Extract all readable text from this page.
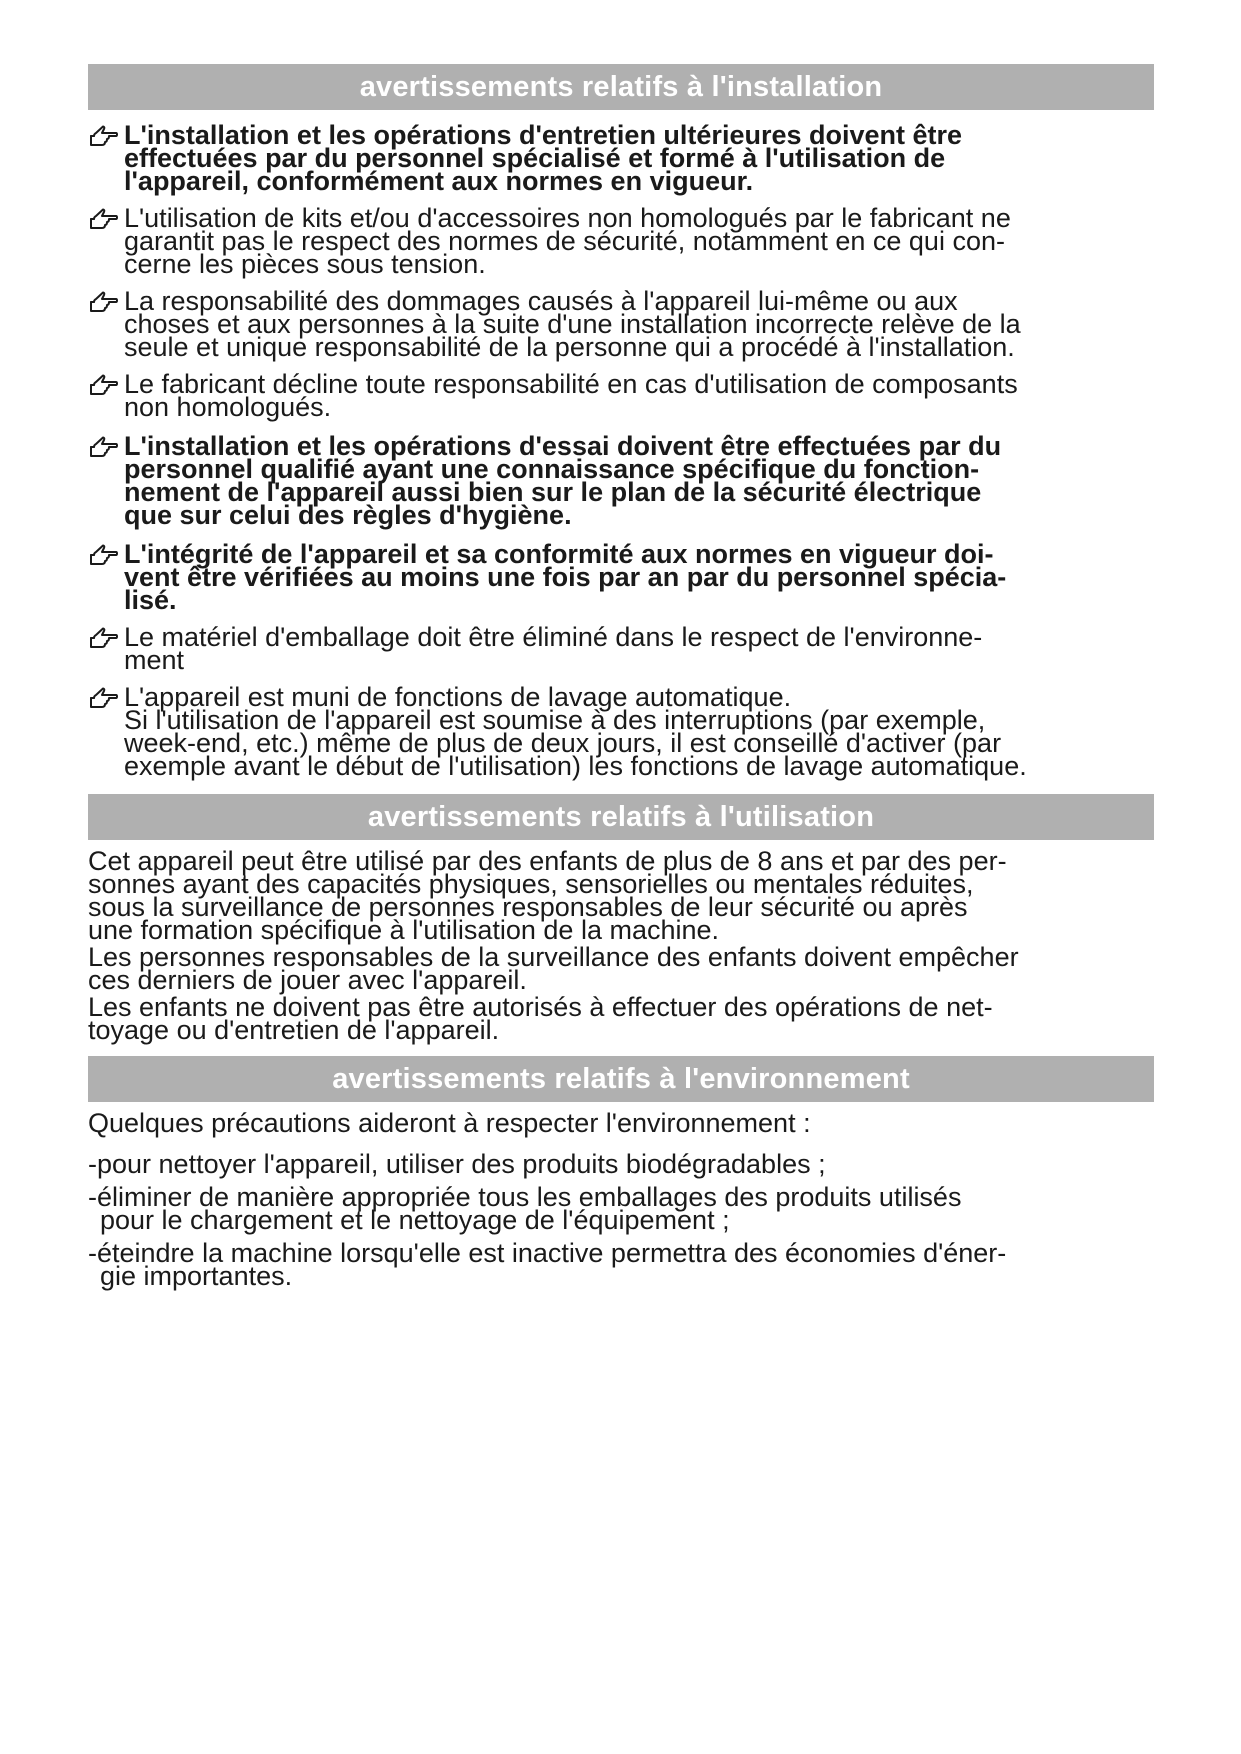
avertissements relatifs à l'installation
L'installation et les opérations d'entretien ultérieures doivent être
effectuées par du personnel spécialisé et formé à l'utilisation de
l'appareil, conformément aux normes en vigueur.
L'utilisation de kits et/ou d'accessoires non homologués par le fabricant ne
garantit pas le respect des normes de sécurité, notamment en ce qui con-
cerne les pièces sous tension.
La responsabilité des dommages causés à l'appareil lui-même ou aux
choses et aux personnes à la suite d'une installation incorrecte relève de la
seule et unique responsabilité de la personne qui a procédé à l'installation.
Le fabricant décline toute responsabilité en cas d'utilisation de composants
non homologués.
L'installation et les opérations d'essai doivent être effectuées par du
personnel qualifié ayant une connaissance spécifique du fonction-
nement de l'appareil aussi bien sur le plan de la sécurité électrique
que sur celui des règles d'hygiène.
L'intégrité de l'appareil et sa conformité aux normes en vigueur doi-
vent être vérifiées au moins une fois par an par du personnel spécia-
lisé.
Le matériel d'emballage doit être éliminé dans le respect de l'environne-
ment
L'appareil est muni de fonctions de lavage automatique.
Si l'utilisation de l'appareil est soumise à des interruptions (par exemple,
week-end, etc.) même de plus de deux jours, il est conseillé d'activer (par
exemple avant le début de l'utilisation) les fonctions de lavage automatique.
avertissements relatifs à l'utilisation
Cet appareil peut être utilisé par des enfants de plus de 8 ans et par des per-
sonnes ayant des capacités physiques, sensorielles ou mentales réduites,
sous la surveillance de personnes responsables de leur sécurité ou après
une formation spécifique à l'utilisation de la machine.
Les personnes responsables de la surveillance des enfants doivent empêcher
ces derniers de jouer avec l'appareil.
Les enfants ne doivent pas être autorisés à effectuer des opérations de net-
toyage ou d'entretien de l'appareil.
avertissements relatifs à l'environnement
Quelques précautions aideront à respecter l'environnement :
-pour nettoyer l'appareil, utiliser des produits biodégradables ;
-éliminer de manière appropriée tous les emballages des produits utilisés
pour le chargement et le nettoyage de l'équipement ;
-éteindre la machine lorsqu'elle est inactive permettra des économies d'éner-
gie importantes.
